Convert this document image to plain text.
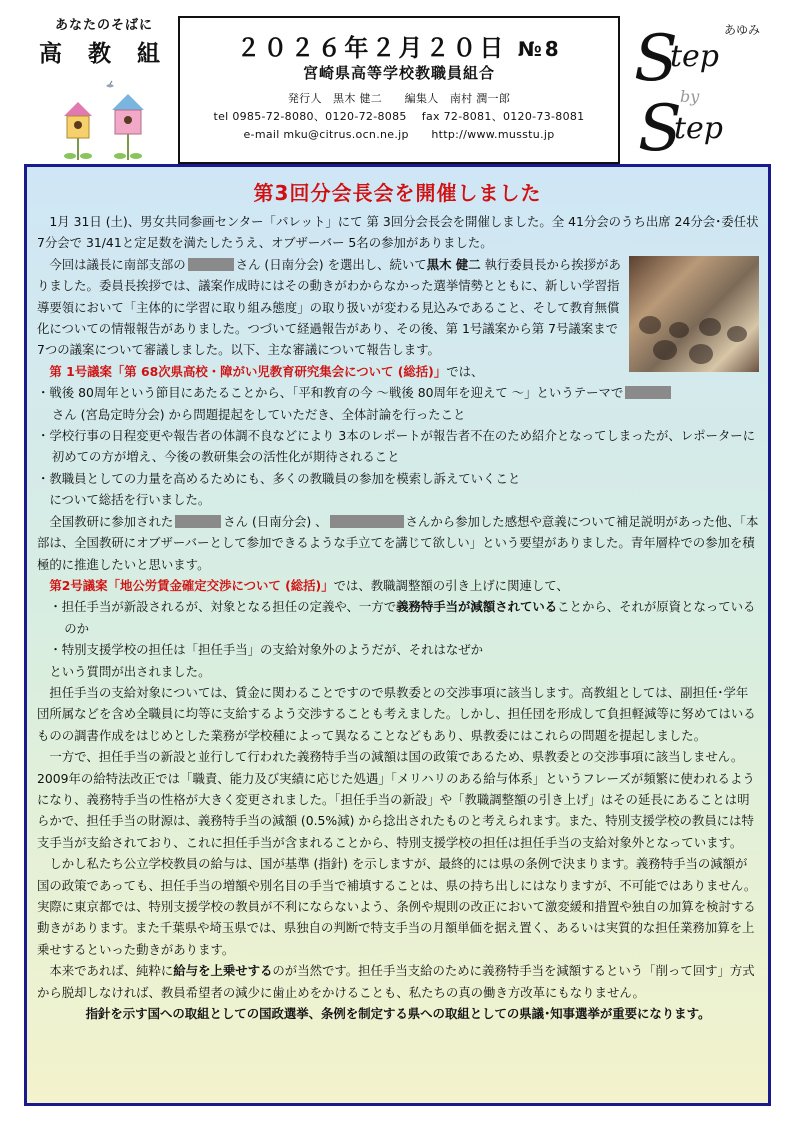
あなたのそばに
高 教 組	２０２６年２月２０日 №8
宮崎県高等学校教職員組合
発行人　黒木 健二　　編集人　南村 潤一郎
tel 0985-72-8080、0120-72-8085　 fax 72-8081、0120-73-8081
e-mail mku@citrus.ocn.ne.jp　　http://www.musstu.jp
S
tep
あゆみ
by
S
tep
第3回分会長会を開催しました

1月 31日 (土)、男女共同参画センター「パレット」にて 第 3回分会長会を開催しました。全 41分会のうち出席 24分会･委任状 7分会で 31/41と定足数を満たしたうえ、オブザーバー 5名の参加がありました。

今回は議長に南部支部の	さん (日南分会) を選出し、続いて黒木 健二 執行委員長から挨拶がありました。委員長挨拶では、議案作成時にはその動きがわからなかった選挙情勢とともに、新しい学習指導要領において「主体的に学習に取り組み態度」の取り扱いが変わる見込みであること、そして教育無償化についての情報報告がありました。つづいて経過報告があり、その後、第 1号議案から第 7号議案まで 7つの議案について審議しました。以下、主な審議について報告します。

第 1号議案「第 68次県高校・障がい児教育研究集会について (総括)」では、

・戦後 80周年という節目にあたることから、「平和教育の今 ～戦後 80周年を迎えて ～」というテーマで
さん (宮島定時分会) から問題提起をしていただき、全体討論を行ったこと

・学校行事の日程変更や報告者の体調不良などにより 3本のレポートが報告者不在のため紹介となってしまったが、レポーターに初めての方が増え、今後の教研集会の活性化が期待されること

・教職員としての力量を高めるためにも、多くの教職員の参加を模索し訴えていくこと

について総括を行いました。

全国教研に参加された	さん (日南分会) 、	さんから参加した感想や意義について補足説明があった他、「本部は、全国教研にオブザーバーとして参加できるような手立てを講じて欲しい」という要望がありました。青年層枠での参加を積極的に推進したいと思います。

第2号議案「地公労賃金確定交渉について (総括)」では、教職調整額の引き上げに関連して、

・担任手当が新設されるが、対象となる担任の定義や、一方で義務特手当が減額されていることから、それが原資となっているのか

・特別支援学校の担任は「担任手当」の支給対象外のようだが、それはなぜか

という質問が出されました。

担任手当の支給対象については、賃金に関わることですので県教委との交渉事項に該当します。高教組としては、副担任･学年団所属などを含め全職員に均等に支給するよう交渉することも考えました。しかし、担任団を形成して負担軽減等に努めてはいるものの調書作成をはじめとした業務が学校種によって異なることなどもあり、県教委にはこれらの問題を提起しました。

一方で、担任手当の新設と並行して行われた義務特手当の減額は国の政策であるため、県教委との交渉事項に該当しません。2009年の給特法改正では「職責、能力及び実績に応じた処遇」「メリハリのある給与体系」というフレーズが頻繁に使われるようになり、義務特手当の性格が大きく変更されました。「担任手当の新設」や「教職調整額の引き上げ」はその延長にあることは明らかで、担任手当の財源は、義務特手当の減額 (0.5%減) から捻出されたものと考えられます。また、特別支援学校の教員には特支手当が支給されており、これに担任手当が含まれることから、特別支援学校の担任は担任手当の支給対象外となっています。

しかし私たち公立学校教員の給与は、国が基準 (指針) を示しますが、最終的には県の条例で決まります。義務特手当の減額が国の政策であっても、担任手当の増額や別名目の手当で補填することは、県の持ち出しにはなりますが、不可能ではありません。実際に東京都では、特別支援学校の教員が不利にならないよう、条例や規則の改正において激変緩和措置や独自の加算を検討する動きがあります。また千葉県や埼玉県では、県独自の判断で特支手当の月額単価を据え置く、あるいは実質的な担任業務加算を上乗せするといった動きがあります。

本来であれば、純粋に給与を上乗せするのが当然です。担任手当支給のために義務特手当を減額するという「削って回す」方式から脱却しなければ、教員希望者の減少に歯止めをかけることも、私たちの真の働き方改革にもなりません。

指針を示す国への取組としての国政選挙、条例を制定する県への取組としての県議･知事選挙が重要になります。
